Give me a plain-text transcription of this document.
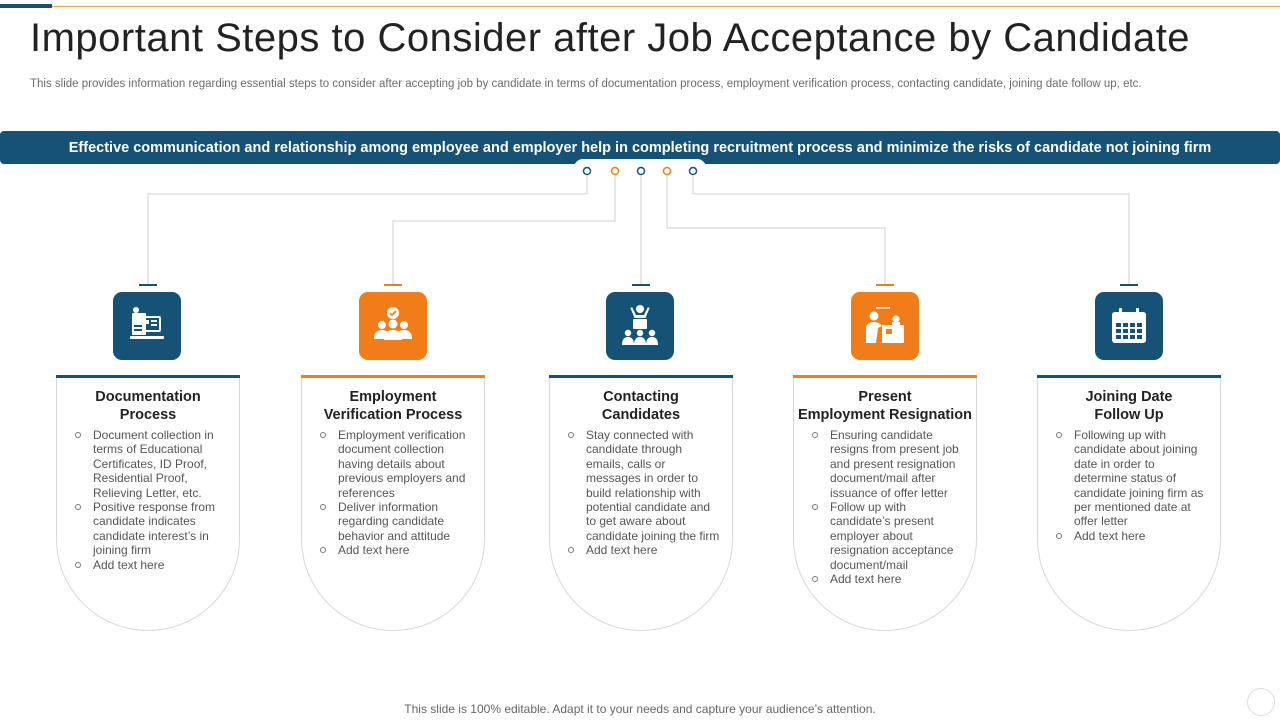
Important Steps to Consider after Job Acceptance by Candidate
This slide provides information regarding essential steps to consider after accepting job by candidate in terms of documentation process, employment verification process, contacting candidate, joining date follow up, etc.
Effective communication and relationship among employee and employer help in completing recruitment process and minimize the risks of candidate not joining firm
Documentation
Process
Document collection in terms of Educational Certificates, ID Proof, Residential Proof, Relieving Letter, etc.
Positive response from candidate indicates candidate interest’s in joining firm
Add text here
Employment
Verification Process
Employment verification document collection having details about previous employers and references
Deliver information regarding candidate behavior and attitude
Add text here
Contacting
Candidates
Stay connected with candidate through emails, calls or messages in order to build relationship with potential candidate and to get aware about candidate joining the firm
Add text here
Present
Employment Resignation
Ensuring candidate resigns from present job and present resignation document/mail after issuance of offer letter
Follow up with candidate’s present employer about resignation acceptance document/mail
Add text here
Joining Date
Follow Up
Following up with candidate about joining date in order to determine status of candidate joining firm as per mentioned date at offer letter
Add text here
This slide is 100% editable. Adapt it to your needs and capture your audience’s attention.
